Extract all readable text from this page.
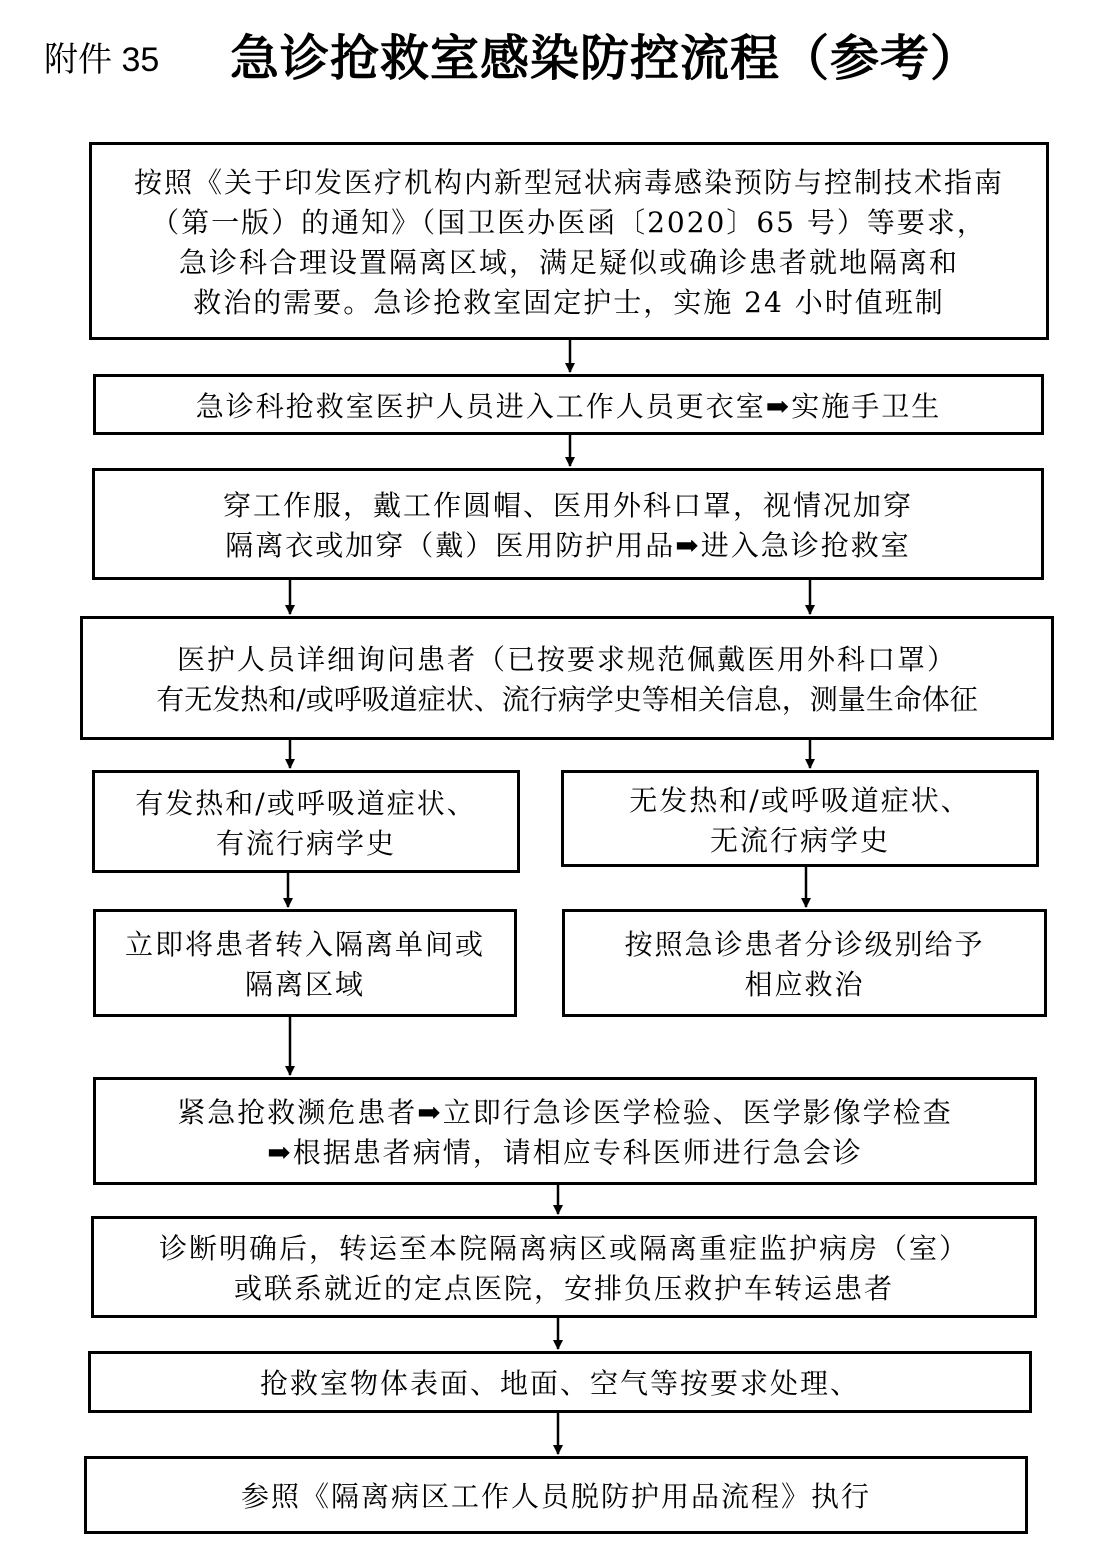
附件 35 急诊抢救室感染防控流程（参考）
按照《关于印发医疗机构内新型冠状病毒感染预防与控制技术指南
（第一版）的通知》（国卫医办医函〔2020〕65 号）等要求，
急诊科合理设置隔离区域，满足疑似或确诊患者就地隔离和
救治的需要。急诊抢救室固定护士，实施 24 小时值班制
急诊科抢救室医护人员进入工作人员更衣室➡实施手卫生
穿工作服，戴工作圆帽、医用外科口罩，视情况加穿
隔离衣或加穿（戴）医用防护用品➡进入急诊抢救室
医护人员详细询问患者（已按要求规范佩戴医用外科口罩）
有无发热和/或呼吸道症状、流行病学史等相关信息，测量生命体征
有发热和/或呼吸道症状、
有流行病学史
无发热和/或呼吸道症状、
无流行病学史
立即将患者转入隔离单间或
隔离区域
按照急诊患者分诊级别给予
相应救治
紧急抢救濒危患者➡立即行急诊医学检验、医学影像学检查
➡根据患者病情，请相应专科医师进行急会诊
诊断明确后，转运至本院隔离病区或隔离重症监护病房（室）
或联系就近的定点医院，安排负压救护车转运患者
抢救室物体表面、地面、空气等按要求处理、
参照《隔离病区工作人员脱防护用品流程》执行
